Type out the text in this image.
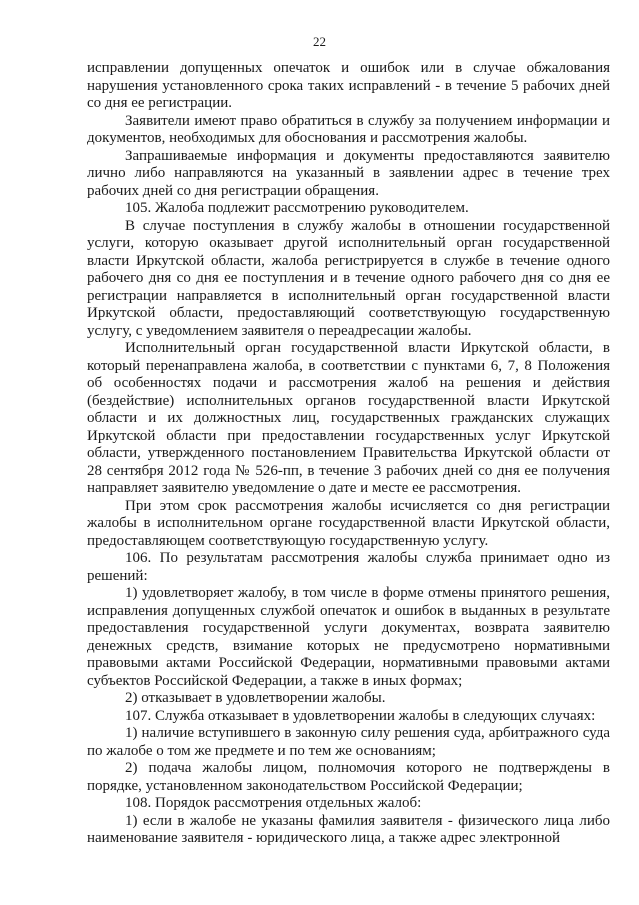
22

исправлении допущенных опечаток и ошибок или в случае обжалования нарушения установленного срока таких исправлений - в течение 5 рабочих дней со дня ее регистрации.

Заявители имеют право обратиться в службу за получением информации и документов, необходимых для обоснования и рассмотрения жалобы.

Запрашиваемые информация и документы предоставляются заявителю лично либо направляются на указанный в заявлении адрес в течение трех рабочих дней со дня регистрации обращения.

105. Жалоба подлежит рассмотрению руководителем.

В случае поступления в службу жалобы в отношении государственной услуги, которую оказывает другой исполнительный орган государственной власти Иркутской области, жалоба регистрируется в службе в течение одного рабочего дня со дня ее поступления и в течение одного рабочего дня со дня ее регистрации направляется в исполнительный орган государственной власти Иркутской области, предоставляющий соответствующую государственную услугу, с уведомлением заявителя о переадресации жалобы.

Исполнительный орган государственной власти Иркутской области, в который перенаправлена жалоба, в соответствии с пунктами 6, 7, 8 Положения об особенностях подачи и рассмотрения жалоб на решения и действия (бездействие) исполнительных органов государственной власти Иркутской области и их должностных лиц, государственных гражданских служащих Иркутской области при предоставлении государственных услуг Иркутской области, утвержденного постановлением Правительства Иркутской области от 28 сентября 2012 года № 526-пп, в течение 3 рабочих дней со дня ее получения направляет заявителю уведомление о дате и месте ее рассмотрения.

При этом срок рассмотрения жалобы исчисляется со дня регистрации жалобы в исполнительном органе государственной власти Иркутской области, предоставляющем соответствующую государственную услугу.

106. По результатам рассмотрения жалобы служба принимает одно из решений:

1) удовлетворяет жалобу, в том числе в форме отмены принятого решения, исправления допущенных службой опечаток и ошибок в выданных в результате предоставления государственной услуги документах, возврата заявителю денежных средств, взимание которых не предусмотрено нормативными правовыми актами Российской Федерации, нормативными правовыми актами субъектов Российской Федерации, а также в иных формах;

2) отказывает в удовлетворении жалобы.

107. Служба отказывает в удовлетворении жалобы в следующих случаях:

1) наличие вступившего в законную силу решения суда, арбитражного суда по жалобе о том же предмете и по тем же основаниям;

2) подача жалобы лицом, полномочия которого не подтверждены в порядке, установленном законодательством Российской Федерации;

108. Порядок рассмотрения отдельных жалоб:

1) если в жалобе не указаны фамилия заявителя - физического лица либо наименование заявителя - юридического лица, а также адрес электронной
